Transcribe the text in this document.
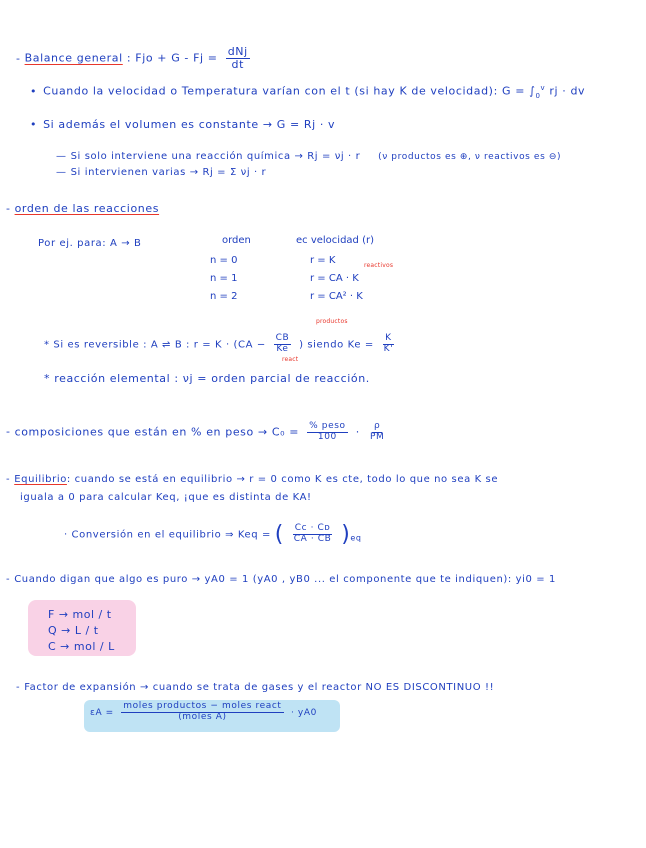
- Balance general : Fjo + $G - Fj = \frac{\text{dNj}}{dt}$
• Cuando la velocidad o Temperatura varían con el t (si hay K de velocidad): $G = \int_0^v$ rj · dv
• Si además el volumen es constante → G = Rj · v
— Si solo interviene una reacción química → Rj = νj · r (ν productos es ⊕, ν reactivos es ⊖)
— Si intervienen varias → Rj = Σ νj · r
- orden de las reacciones
Por ej. para: A → B	orden	ec velocidad (r)
n = 0
n = 1
n = 2
r = K
r = CA · K
r = CA² · K
reactivos
productos
* Si es reversible : A ⇌ B : $r = K \cdot (CA - \frac{CB}{Ke}$ ) siendo $Ke = \frac{K}{K'}$
react
* reacción elemental : νj = orden parcial de reacción.
- composiciones que están en % en peso → $C_0 = \frac{\text{\% peso}}{100} \cdot \frac{\rho}{PM}$
- Equilibrio: cuando se está en equilibrio → r = 0 como K es cte, todo lo que no sea K se
iguala a 0 para calcular Keq, ¡que es distinta de KA!
· Conversión en el equilibrio ⇒ Keq = ( $\frac{\text{Cc · Cᴅ}}{CA \cdot CB} )_{eq}$
- Cuando digan que algo es puro → yA0 = 1 (yA0 , yB0 ... el componente que te indiquen): yi0 = 1
F → mol / t
Q → L / t
C → mol / L
- Factor de expansión → cuando se trata de gases y el reactor NO ES DISCONTINUO !!
$\varepsilon A = \frac{\text{moles productos − moles react}}{\text{(moles A)}} \cdot yA0$
